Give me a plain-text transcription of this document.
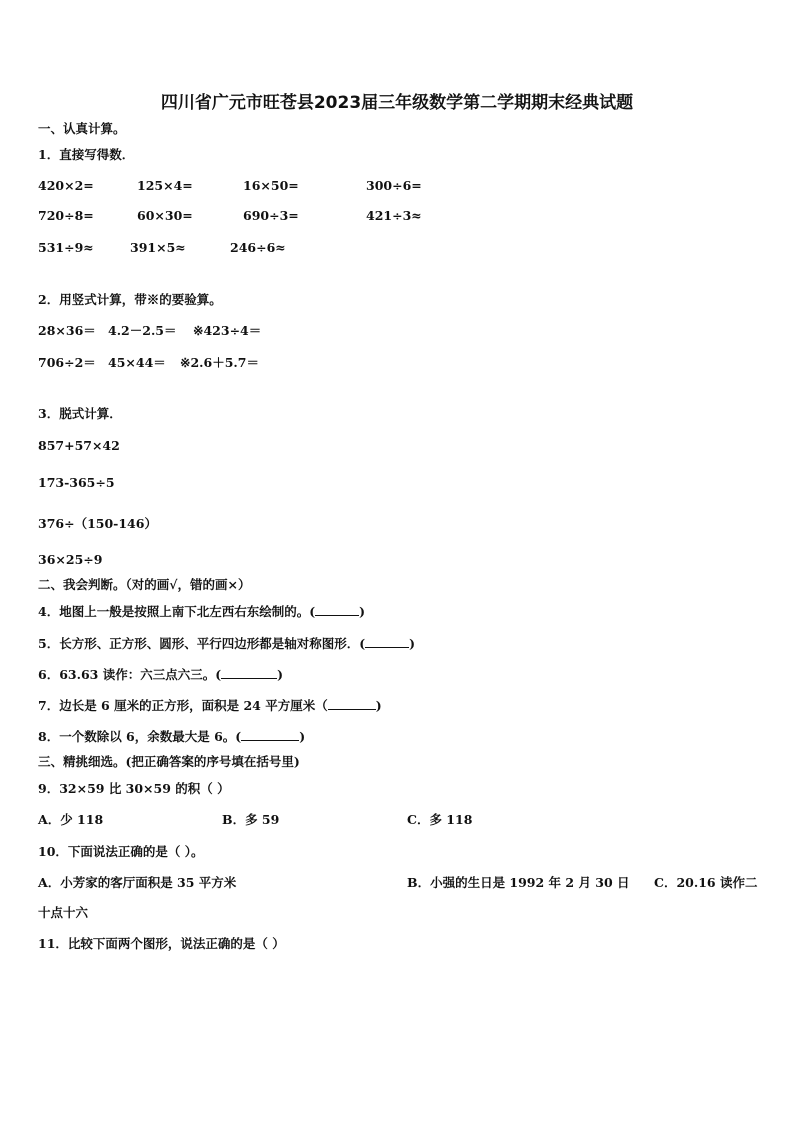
四川省广元市旺苍县2023届三年级数学第二学期期末经典试题
一、认真计算。
1．直接写得数．
420×2=	125×4=	16×50=	300÷6=
720÷8=	60×30=	690÷3=	421÷3≈
531÷9≈	391×5≈	246÷6≈
2．用竖式计算，带※的要验算。
28×36＝ 4.2－2.5＝ ※423÷4＝
706÷2＝ 45×44＝ ※2.6＋5.7＝
3．脱式计算．
857+57×42
173-365÷5
376÷（150-146）
36×25÷9
二、我会判断。（对的画√，错的画×）
4．地图上一般是按照上南下北左西右东绘制的。(	)
5．长方形、正方形、圆形、平行四边形都是轴对称图形．(	)
6．63.63 读作：六三点六三。(	)
7．边长是 6 厘米的正方形，面积是 24 平方厘米（	)
8．一个数除以 6，余数最大是 6。(	)
三、精挑细选。(把正确答案的序号填在括号里)
9．32×59 比 30×59 的积（ ）
A．少 118	B．多 59	C．多 118
10．下面说法正确的是（ ）。
A．小芳家的客厅面积是 35 平方米	B．小强的生日是 1992 年 2 月 30 日 C．20.16 读作二
十点十六
11．比较下面两个图形，说法正确的是（ ）
